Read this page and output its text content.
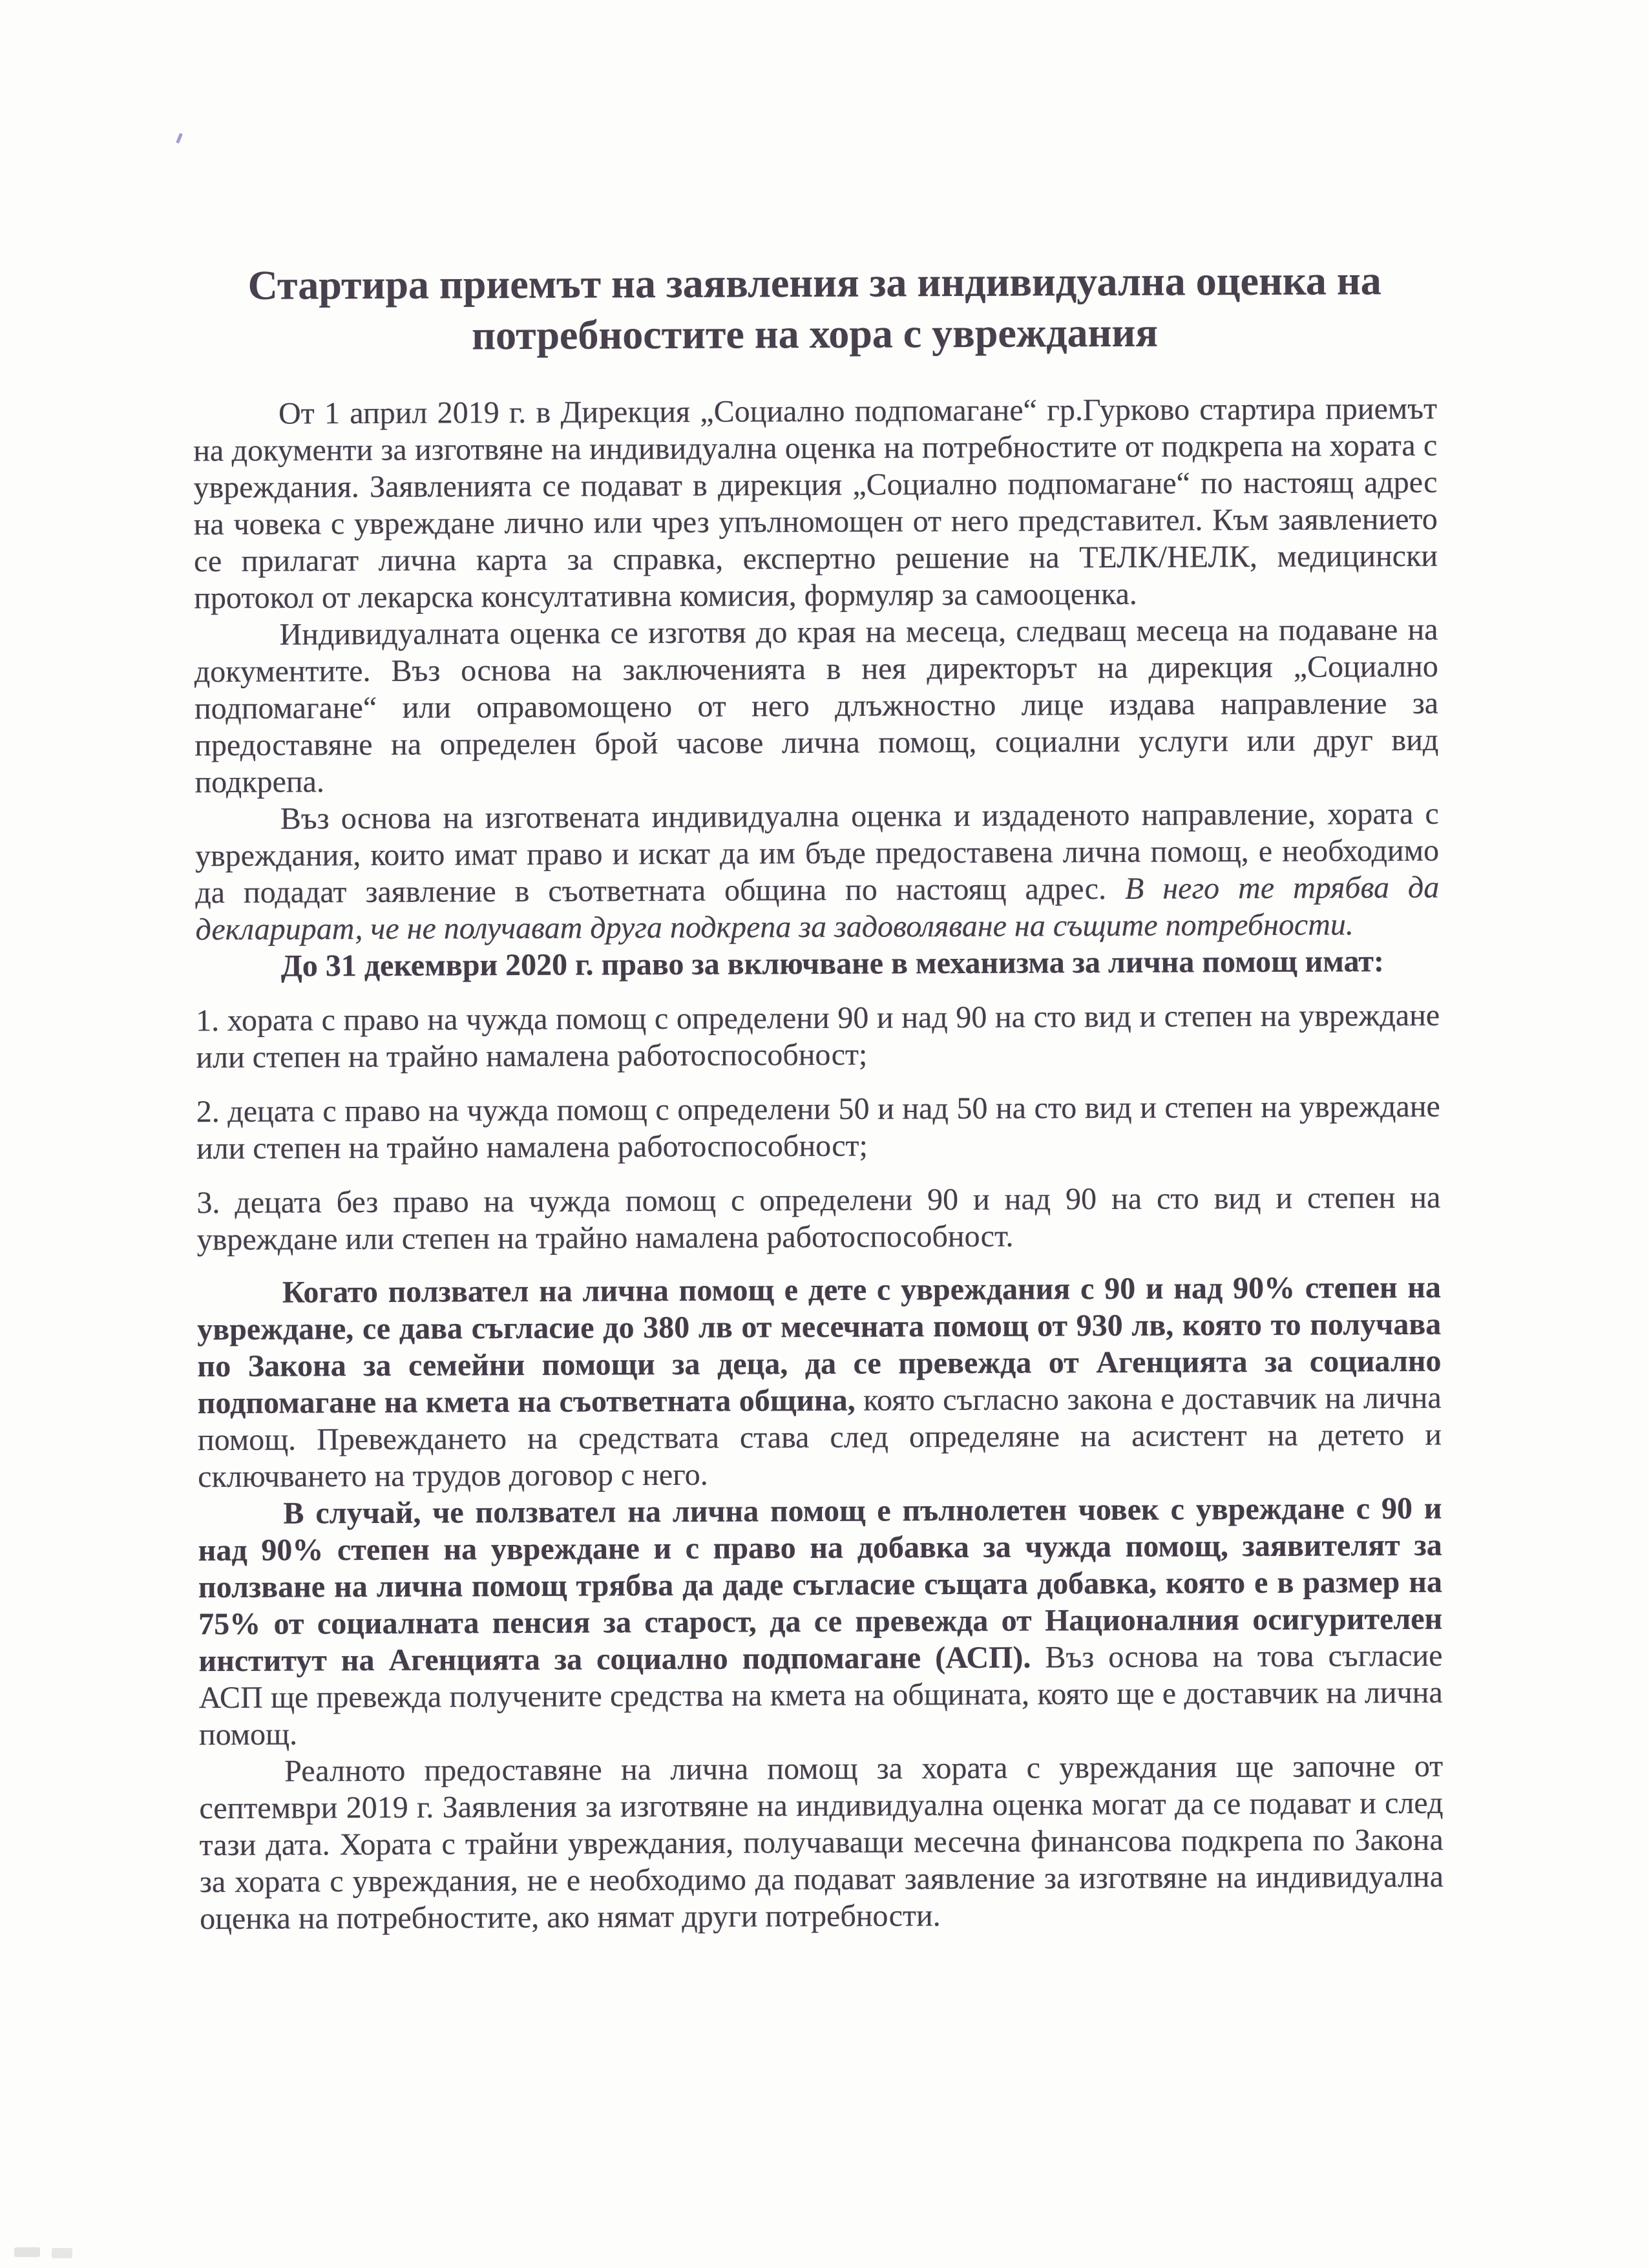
Стартира приемът на заявления за индивидуална оценка на
потребностите на хора с увреждания

От 1 април 2019 г. в Дирекция „Социално подпомагане“ гр.Гурково стартира приемът на документи за изготвяне на индивидуална оценка на потребностите от подкрепа на хората с увреждания. Заявленията се подават в дирекция „Социално подпомагане“ по настоящ адрес на човека с увреждане лично или чрез упълномощен от него представител. Към заявлението се прилагат лична карта за справка, експертно решение на ТЕЛК/НЕЛК, медицински протокол от лекарска консултативна комисия, формуляр за самооценка.

Индивидуалната оценка се изготвя до края на месеца, следващ месеца на подаване на документите. Въз основа на заключенията в нея директорът на дирекция „Социално подпомагане“ или оправомощено от него длъжностно лице издава направление за предоставяне на определен брой часове лична помощ, социални услуги или друг вид подкрепа.

Въз основа на изготвената индивидуална оценка и издаденото направление, хората с увреждания, които имат право и искат да им бъде предоставена лична помощ, е необходимо да подадат заявление в съответната община по настоящ адрес. В него те трябва да декларират, че не получават друга подкрепа за задоволяване на същите потребности.

До 31 декември 2020 г. право за включване в механизма за лична помощ имат:

1. хората с право на чужда помощ с определени 90 и над 90 на сто вид и степен на увреждане или степен на трайно намалена работоспособност;

2. децата с право на чужда помощ с определени 50 и над 50 на сто вид и степен на увреждане или степен на трайно намалена работоспособност;

3. децата без право на чужда помощ с определени 90 и над 90 на сто вид и степен на увреждане или степен на трайно намалена работоспособност.

Когато ползвател на лична помощ е дете с увреждания с 90 и над 90% степен на увреждане, се дава съгласие до 380 лв от месечната помощ от 930 лв, която то получава по Закона за семейни помощи за деца, да се превежда от Агенцията за социално подпомагане на кмета на съответната община, която съгласно закона е доставчик на лична помощ. Превеждането на средствата става след определяне на асистент на детето и сключването на трудов договор с него.

В случай, че ползвател на лична помощ е пълнолетен човек с увреждане с 90 и над 90% степен на увреждане и с право на добавка за чужда помощ, заявителят за ползване на лична помощ трябва да даде съгласие същата добавка, която е в размер на 75% от социалната пенсия за старост, да се превежда от Националния осигурителен институт на Агенцията за социално подпомагане (АСП). Въз основа на това съгласие АСП ще превежда получените средства на кмета на общината, която ще е доставчик на лична помощ.

Реалното предоставяне на лична помощ за хората с увреждания ще започне от септември 2019 г. Заявления за изготвяне на индивидуална оценка могат да се подават и след тази дата. Хората с трайни увреждания, получаващи месечна финансова подкрепа по Закона за хората с увреждания, не е необходимо да подават заявление за изготвяне на индивидуална оценка на потребностите, ако нямат други потребности.
